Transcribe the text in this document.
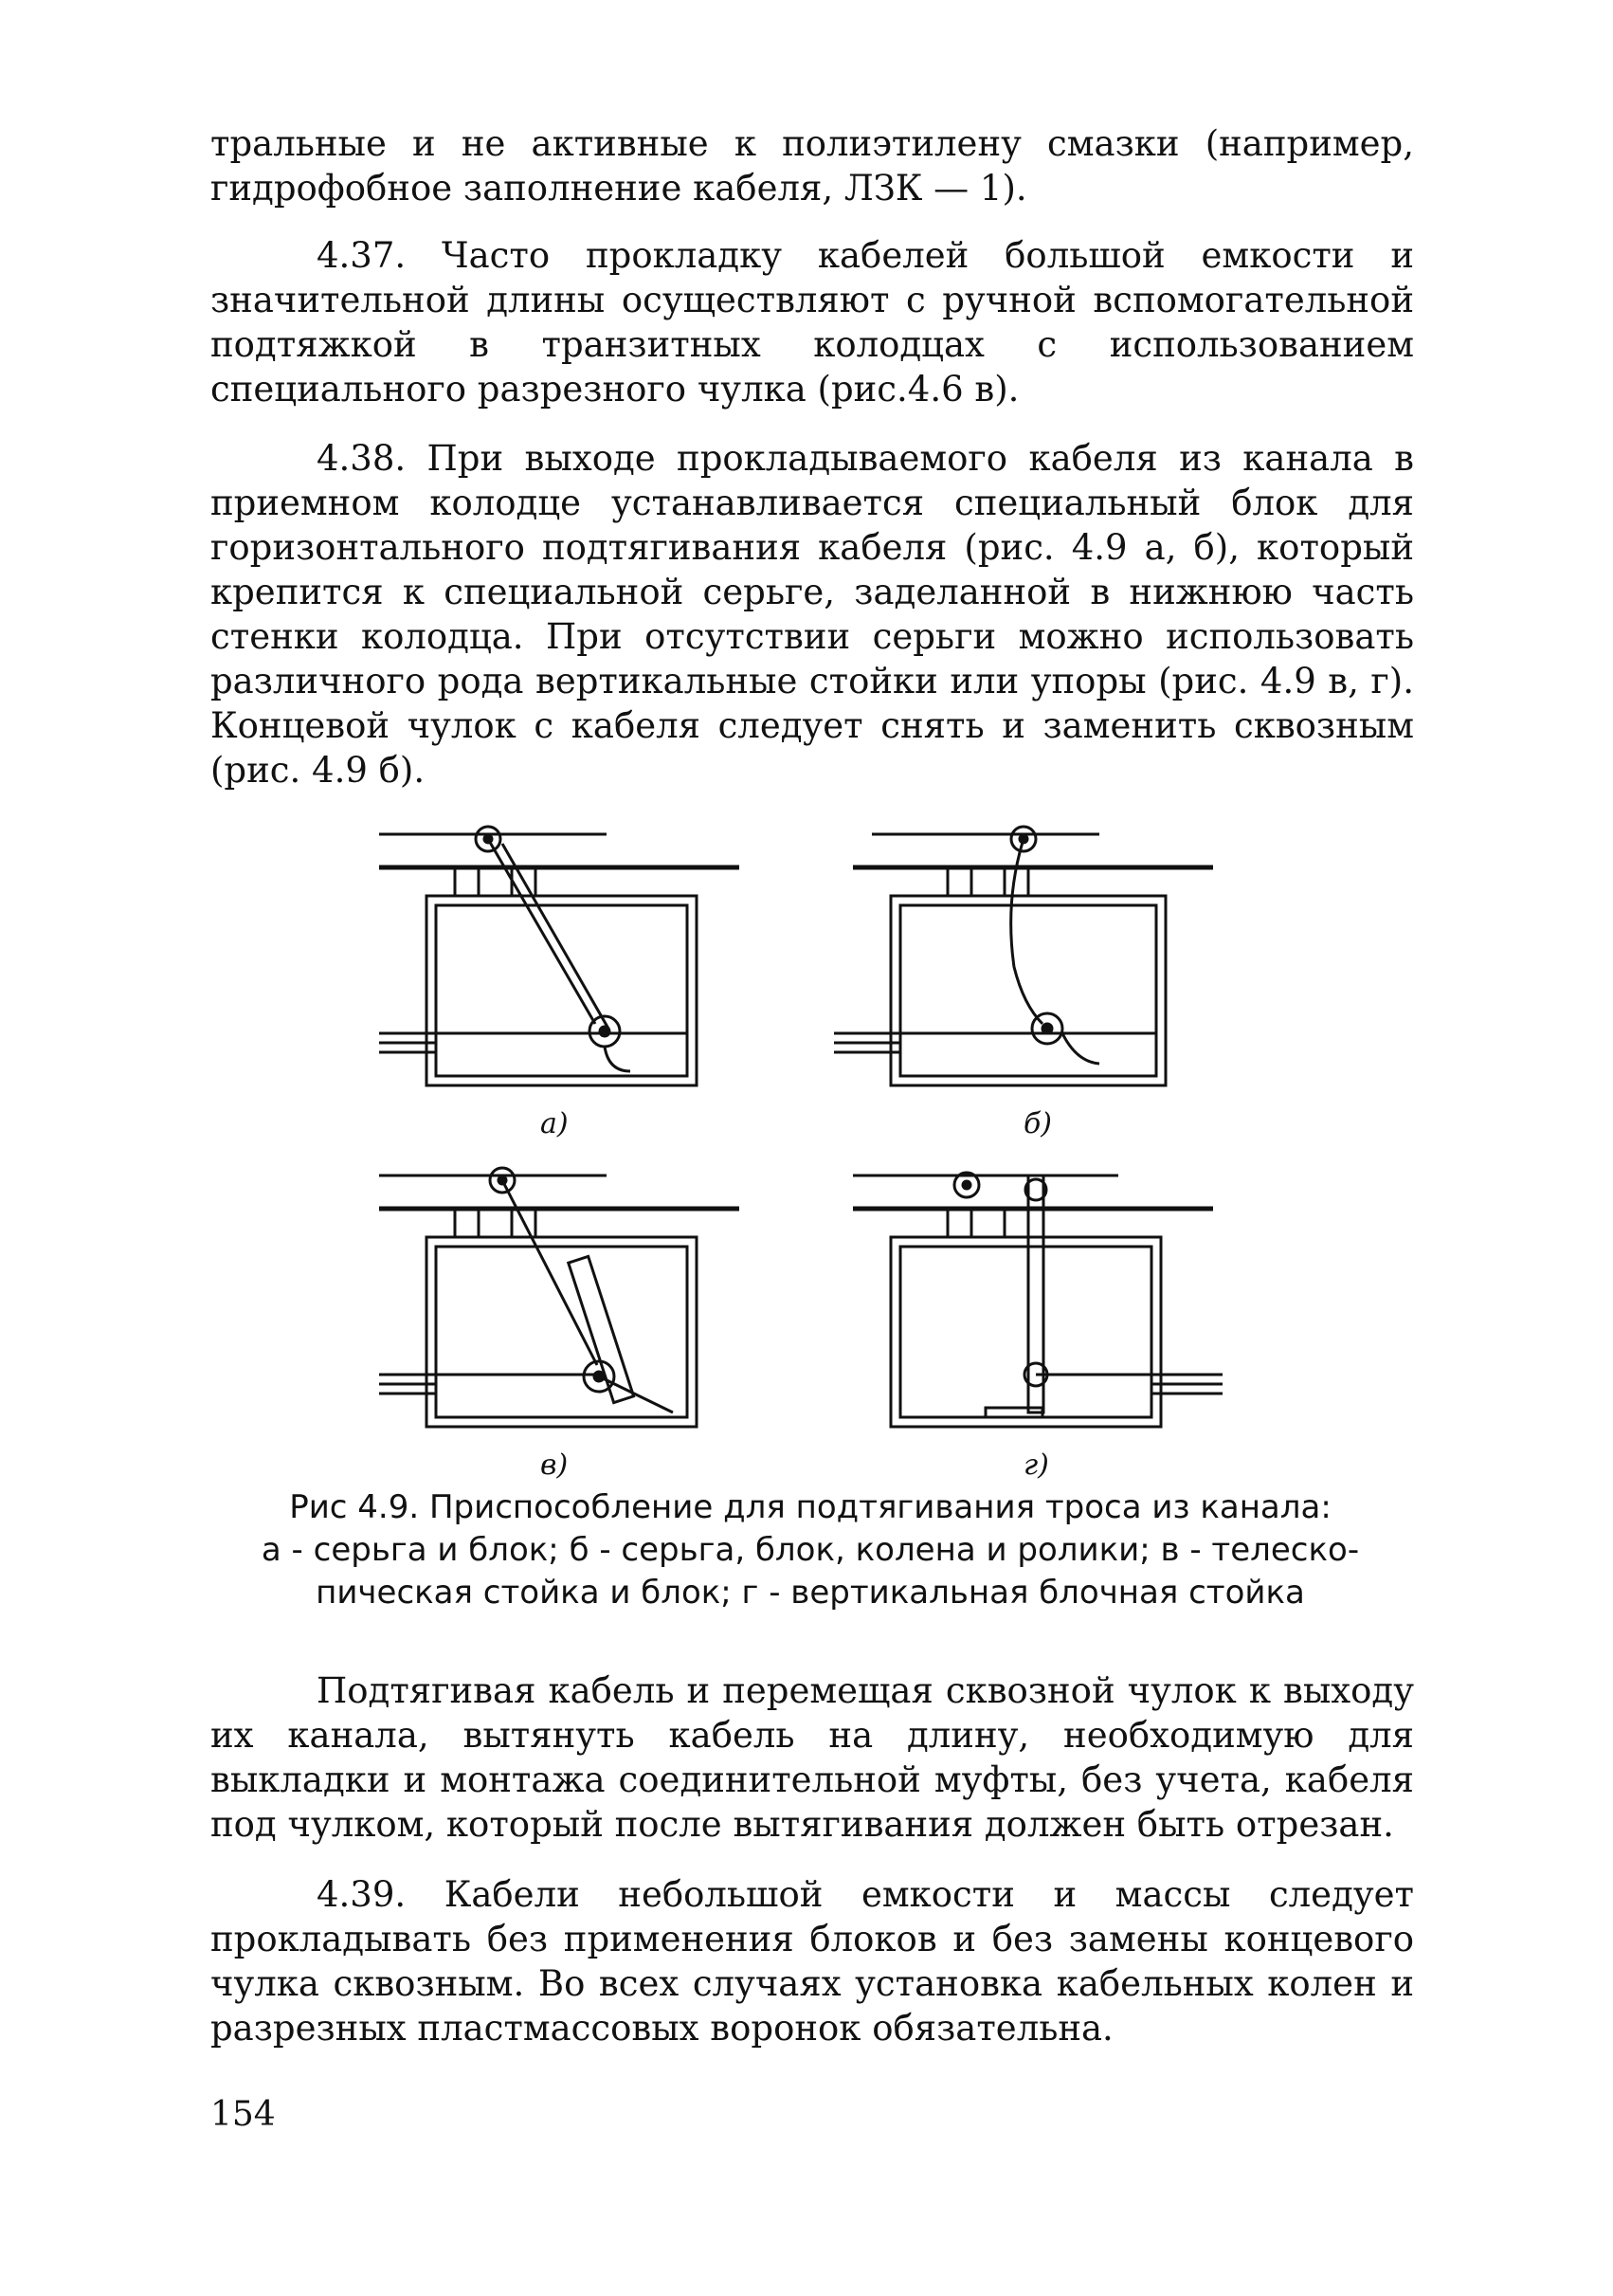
тральные и не активные к полиэтилену смазки (например, гидрофобное заполнение кабеля, ЛЗК — 1).

4.37. Часто прокладку кабелей большой емкости и значительной длины осуществляют с ручной вспомогательной подтяжкой в транзитных колодцах с использованием специального разрезного чулка (рис.4.6 в).

4.38. При выходе прокладываемого кабеля из канала в приемном колодце устанавливается специальный блок для горизонтального подтягивания кабеля (рис. 4.9 а, б), который крепится к специальной серьге, заделанной в нижнюю часть стенки колодца. При отсутствии серьги можно использовать различного рода вертикальные стойки или упоры (рис. 4.9 в, г). Концевой чулок с кабеля следует снять и заменить сквозным (рис. 4.9 б).

а)	б)
в)	г)
Рис 4.9. Приспособление для подтягивания троса из канала:
а - серьга и блок; б - серьга, блок, колена и ролики; в - телеско-
пическая стойка и блок; г - вертикальная блочная стойка

Подтягивая кабель и перемещая сквозной чулок к выходу их канала, вытянуть кабель на длину, необходимую для выкладки и монтажа соединительной муфты, без учета, кабеля под чулком, который после вытягивания должен быть отрезан.

4.39. Кабели небольшой емкости и массы следует прокладывать без применения блоков и без замены концевого чулка сквозным. Во всех случаях установка кабельных колен и разрезных пластмассовых воронок обязательна.

154
